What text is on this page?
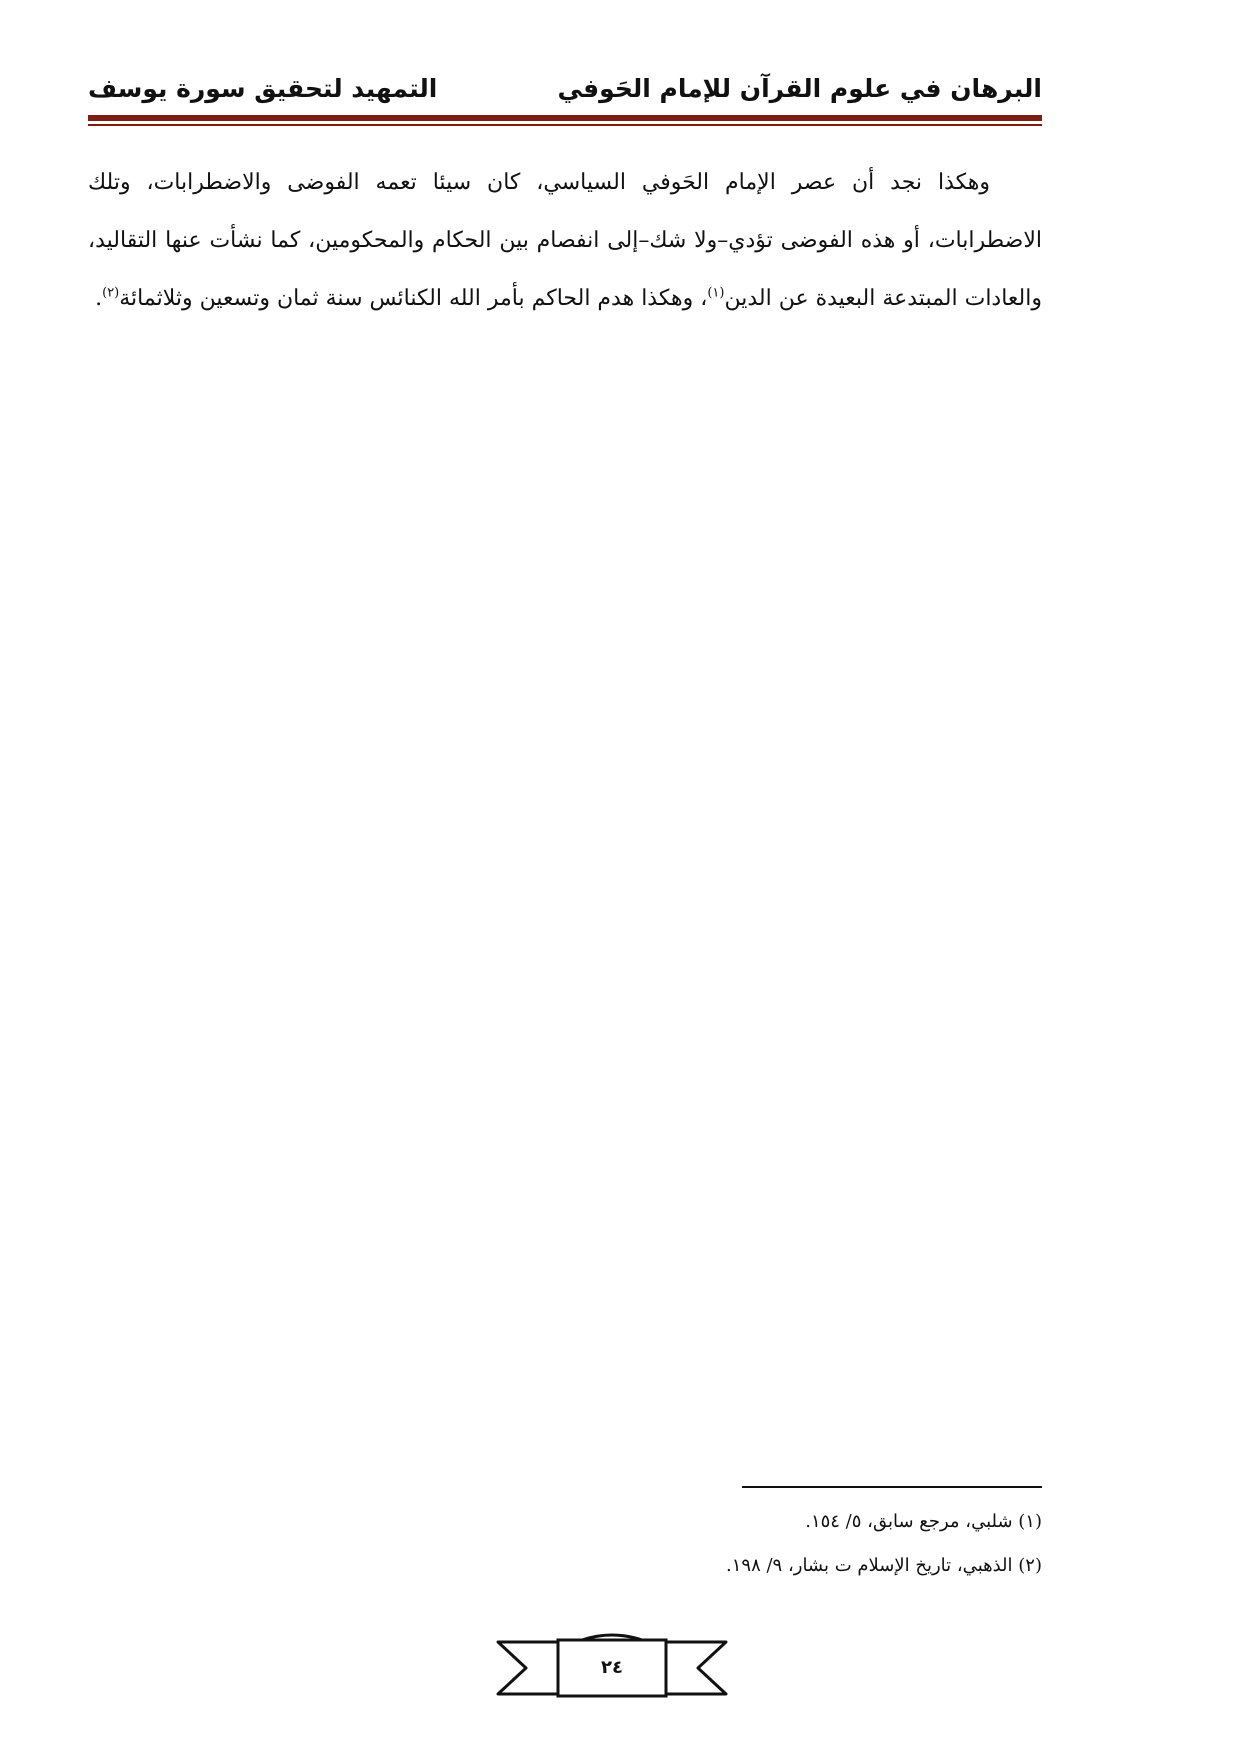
البرهان في علوم القرآن للإمام الحَوفي
التمهيد لتحقيق سورة يوسف

وهكذا نجد أن عصر الإمام الحَوفي السياسي، كان سيئا تعمه الفوضى والاضطرابات، وتلك الاضطرابات، أو هذه الفوضى تؤدي–ولا شك–إلى انفصام بين الحكام والمحكومين، كما نشأت عنها التقاليد، والعادات المبتدعة البعيدة عن الدين$^{(١)}$، وهكذا هدم الحاكم بأمر الله الكنائس سنة ثمان وتسعين وثلاثمائة$^{(٢)}$.

(١) شلبي، مرجع سابق، ٥/ ١٥٤.
(٢) الذهبي، تاريخ الإسلام ت بشار، ٩/ ١٩٨.
٢٤
